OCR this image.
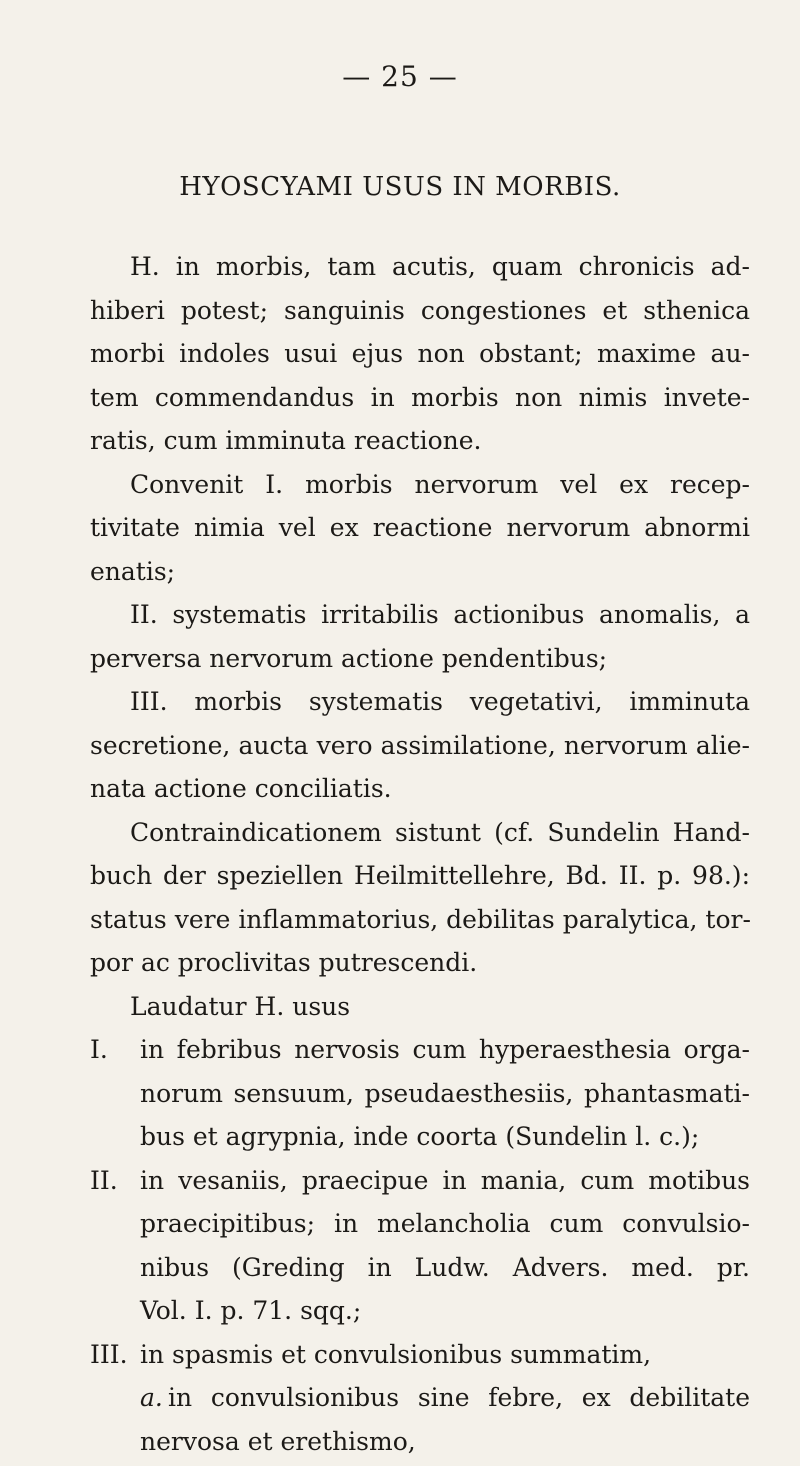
— 25 —
HYOSCYAMI USUS IN MORBIS.
H. in morbis, tam acutis, quam chronicis ad-
hiberi potest; sanguinis congestiones et sthenica
morbi indoles usui ejus non obstant; maxime au-
tem commendandus in morbis non nimis invete-
ratis, cum imminuta reactione.
Convenit I. morbis nervorum vel ex recep-
tivitate nimia vel ex reactione nervorum abnormi
enatis;
II. systematis irritabilis actionibus anomalis, a
perversa nervorum actione pendentibus;
III. morbis systematis vegetativi, imminuta
secretione, aucta vero assimilatione, nervorum alie-
nata actione conciliatis.
Contraindicationem sistunt (cf. Sundelin Hand-
buch der speziellen Heilmittellehre, Bd. II. p. 98.):
status vere inflammatorius, debilitas paralytica, tor-
por ac proclivitas putrescendi.
Laudatur H. usus
I.	in febribus nervosis cum hyperaesthesia orga-
norum sensuum, pseudaesthesiis, phantasmati-
bus et agrypnia, inde coorta (Sundelin l. c.);
II. in vesaniis, praecipue in mania, cum motibus
praecipitibus; in melancholia cum convulsio-
nibus (Greding in Ludw. Advers. med. pr.
Vol. I. p. 71. sqq.;
III. in spasmis et convulsionibus summatim,
a. in convulsionibus sine febre, ex debilitate
nervosa et erethismo,
